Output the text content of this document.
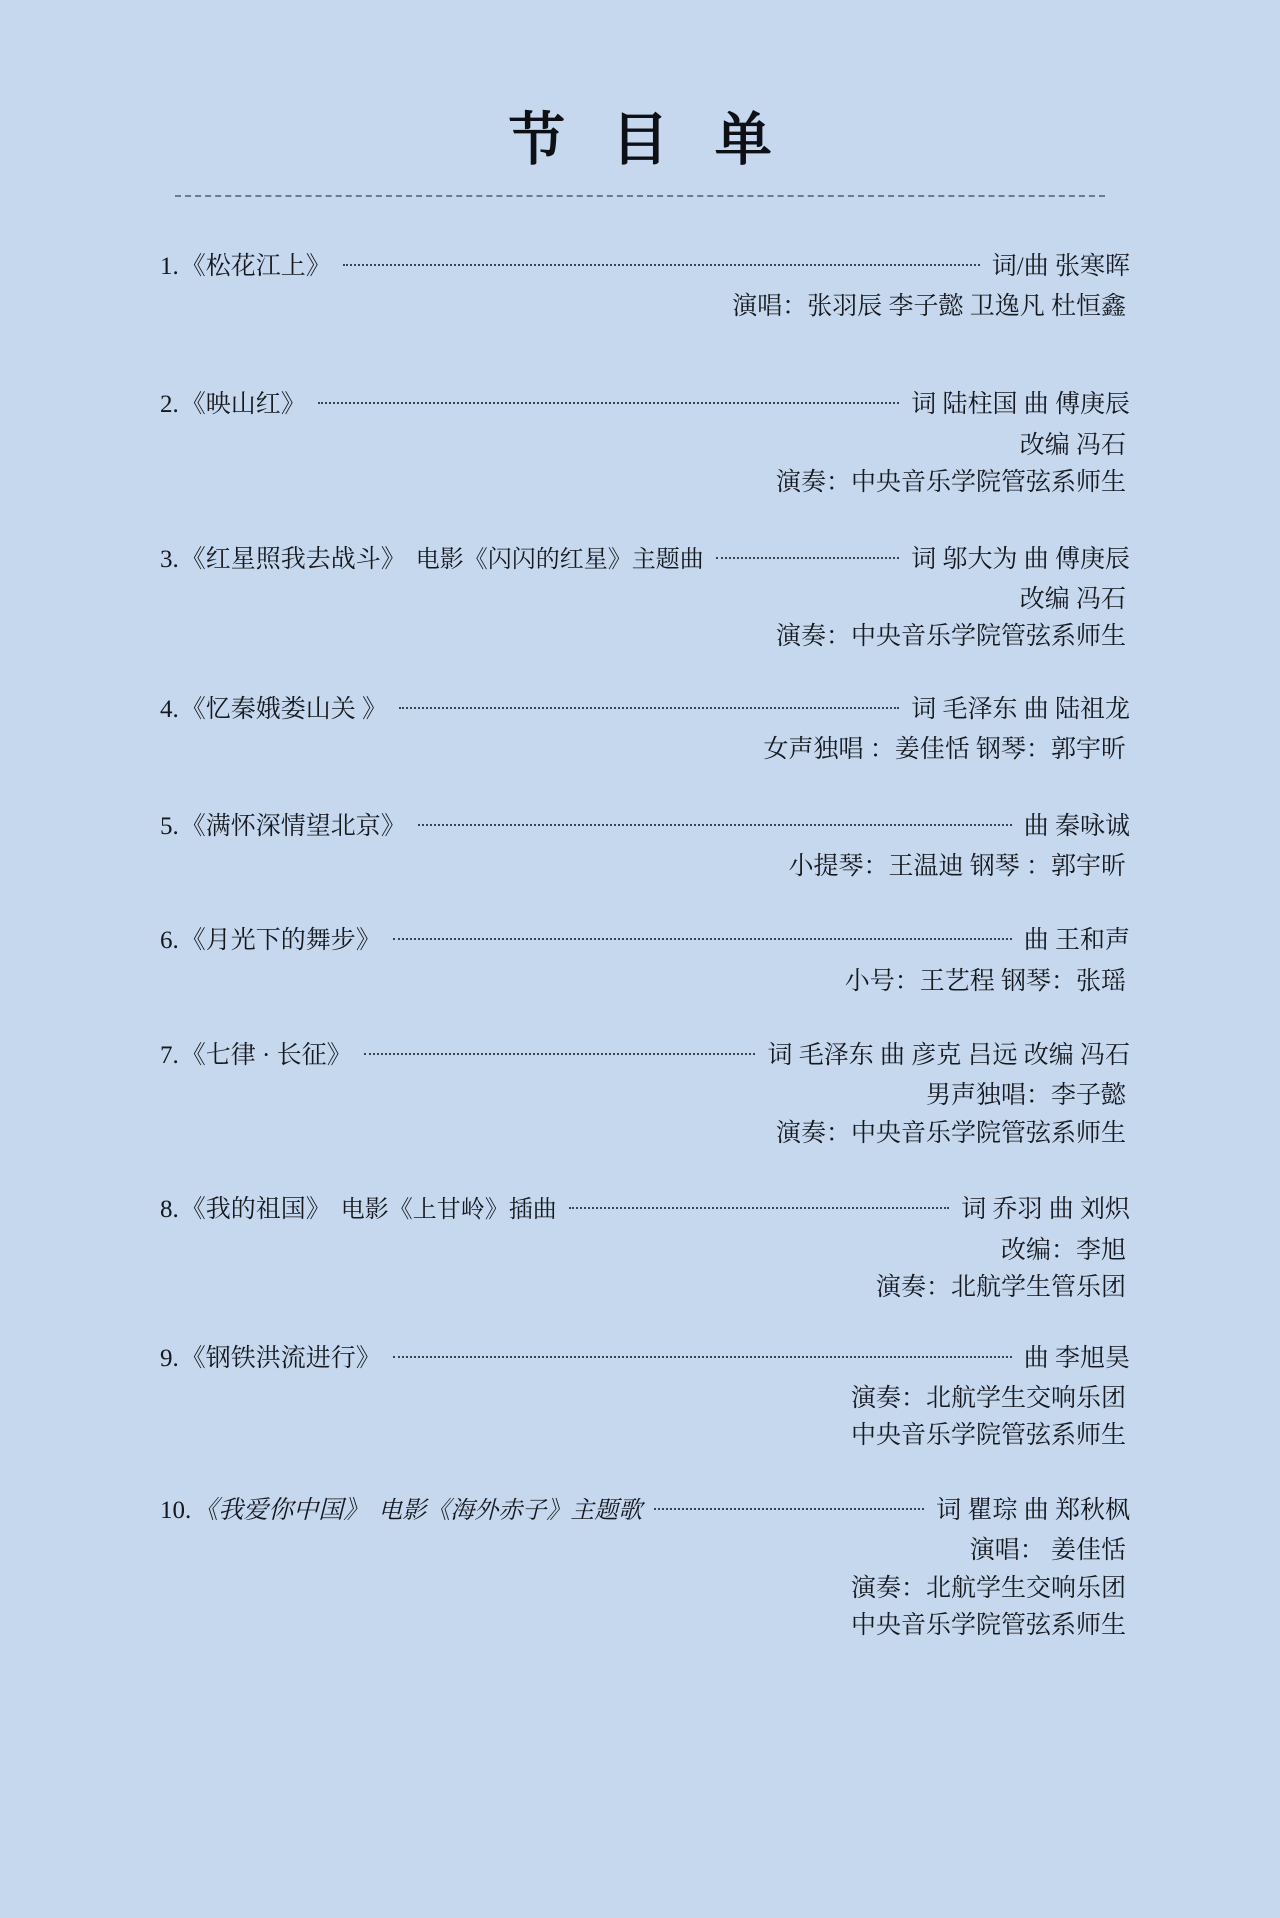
节 目 单
1. 《松花江上》	词/曲 张寒晖
演唱：张羽辰 李子懿 卫逸凡 杜恒鑫
2. 《映山红》	词 陆柱国 曲 傅庚辰
改编 冯石
演奏：中央音乐学院管弦系师生
3. 《红星照我去战斗》 电影《闪闪的红星》主题曲	词 邬大为 曲 傅庚辰
改编 冯石
演奏：中央音乐学院管弦系师生
4. 《忆秦娥娄山关 》	词 毛泽东 曲 陆祖龙
女声独唱 ：姜佳恬 钢琴：郭宇昕
5. 《满怀深情望北京》	曲 秦咏诚
小提琴：王温迪 钢琴 ：郭宇昕
6. 《月光下的舞步》	曲 王和声
小号：王艺程 钢琴：张瑶
7. 《七律 · 长征》	词 毛泽东 曲 彦克 吕远 改编 冯石
男声独唱：李子懿
演奏：中央音乐学院管弦系师生
8. 《我的祖国》 电影《上甘岭》插曲	词 乔羽 曲 刘炽
改编：李旭
演奏：北航学生管乐团
9. 《钢铁洪流进行》	曲 李旭昊
演奏：北航学生交响乐团
中央音乐学院管弦系师生
10. 《我爱你中国》 电影《海外赤子》主题歌	词 瞿琮 曲 郑秋枫
演唱： 姜佳恬
演奏：北航学生交响乐团
中央音乐学院管弦系师生
